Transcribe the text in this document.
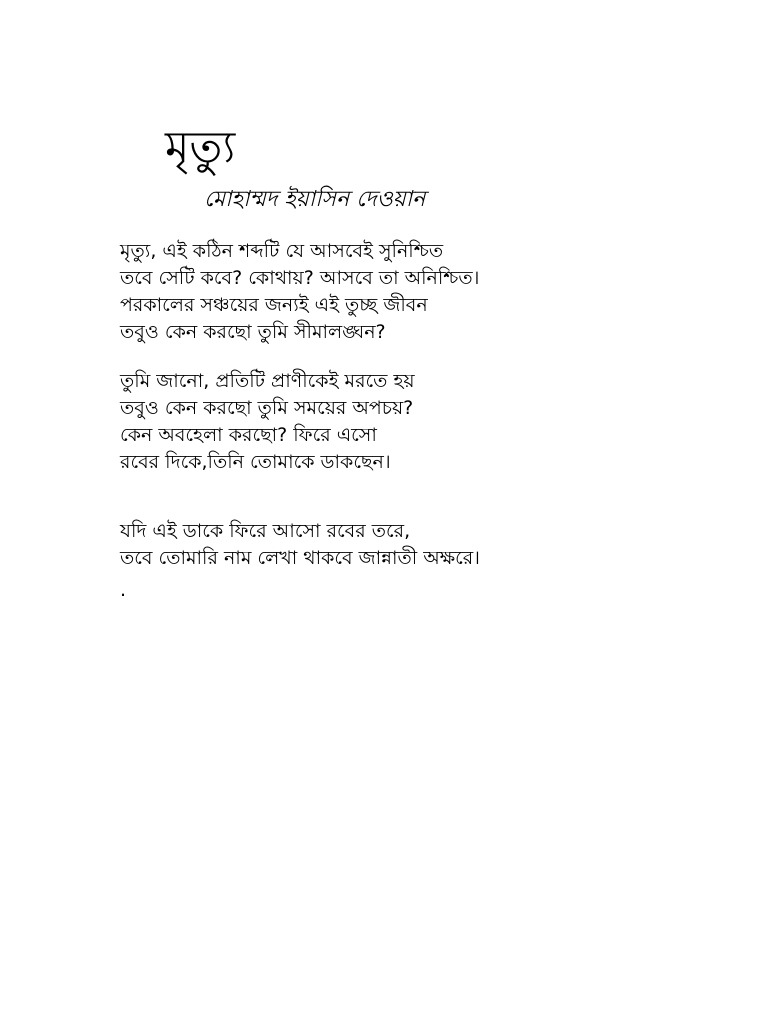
মৃত্যু
মোহাম্মদ ইয়াসিন দেওয়ান

মৃত্যু, এই কঠিন শব্দটি যে আসবেই সুনিশ্চিত
তবে সেটি কবে? কোথায়? আসবে তা অনিশ্চিত।
পরকালের সঞ্চয়ের জন্যই এই তুচ্ছ জীবন
তবুও কেন করছো তুমি সীমালঙ্ঘন?

তুমি জানো, প্রতিটি প্রাণীকেই মরতে হয়
তবুও কেন করছো তুমি সময়ের অপচয়?
কেন অবহেলা করছো? ফিরে এসো
রবের দিকে,তিনি তোমাকে ডাকছেন।

যদি এই ডাকে ফিরে আসো রবের তরে,
তবে তোমারি নাম লেখা থাকবে জান্নাতী অক্ষরে।

.
